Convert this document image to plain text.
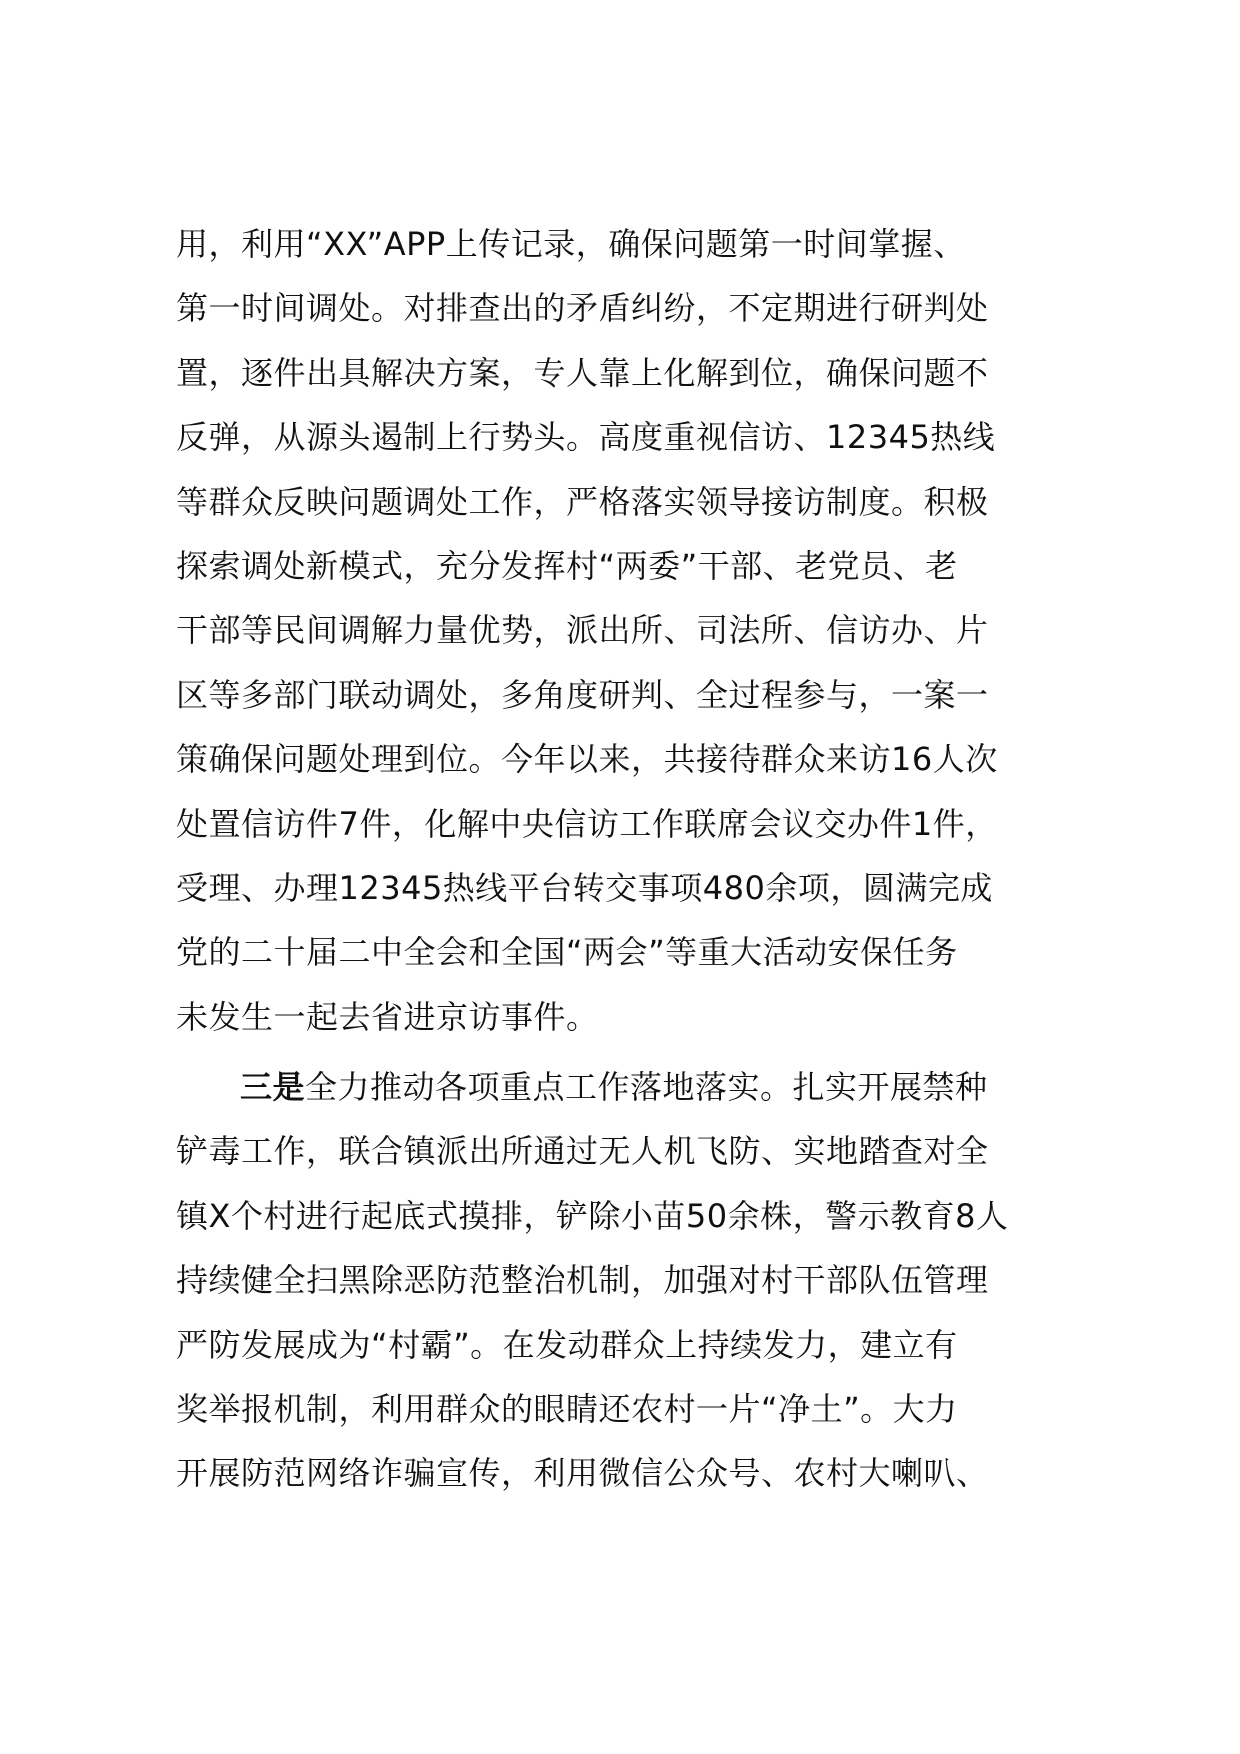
用，利用“XX”APP上传记录，确保问题第一时间掌握、
第一时间调处。对排查出的矛盾纠纷，不定期进行研判处
置，逐件出具解决方案，专人靠上化解到位，确保问题不
反弹，从源头遏制上行势头。高度重视信访、12345热线
等群众反映问题调处工作，严格落实领导接访制度。积极
探索调处新模式，充分发挥村“两委”干部、老党员、老
干部等民间调解力量优势，派出所、司法所、信访办、片
区等多部门联动调处，多角度研判、全过程参与，一案一
策确保问题处理到位。今年以来，共接待群众来访16人次
处置信访件7件，化解中央信访工作联席会议交办件1件，
受理、办理12345热线平台转交事项480余项，圆满完成
党的二十届二中全会和全国“两会”等重大活动安保任务
未发生一起去省进京访事件。
三是全力推动各项重点工作落地落实。扎实开展禁种
铲毒工作，联合镇派出所通过无人机飞防、实地踏查对全
镇X个村进行起底式摸排，铲除小苗50余株，警示教育8人
持续健全扫黑除恶防范整治机制，加强对村干部队伍管理
严防发展成为“村霸”。在发动群众上持续发力，建立有
奖举报机制，利用群众的眼睛还农村一片“净土”。大力
开展防范网络诈骗宣传，利用微信公众号、农村大喇叭、
